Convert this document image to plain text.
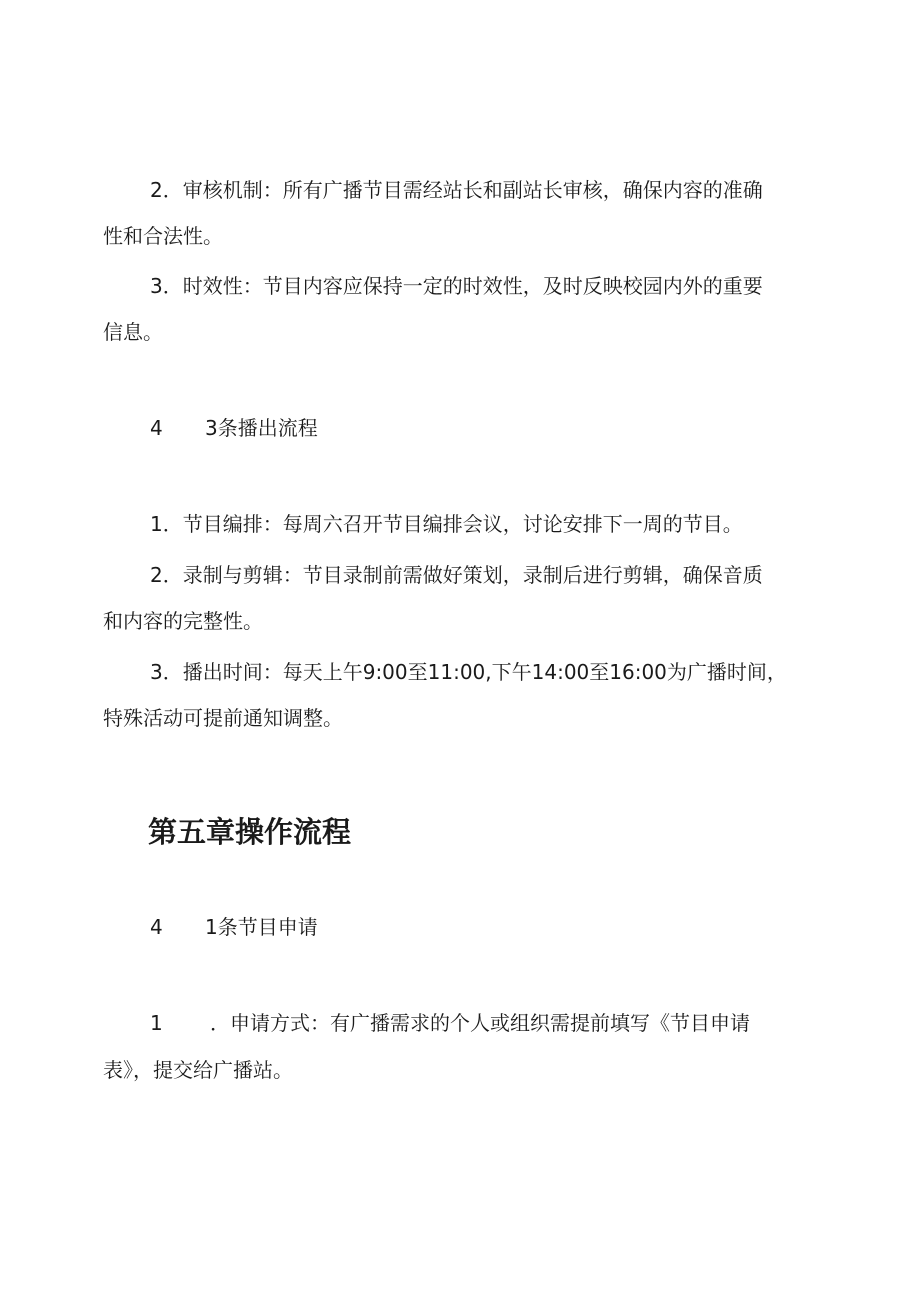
2．审核机制：所有广播节目需经站长和副站长审核，确保内容的准确
性和合法性。
3．时效性：节目内容应保持一定的时效性，及时反映校园内外的重要
信息。
4 3条播出流程
1．节目编排：每周六召开节目编排会议，讨论安排下一周的节目。
2．录制与剪辑：节目录制前需做好策划，录制后进行剪辑，确保音质
和内容的完整性。
3．播出时间：每天上午9:00至11:00,下午14:00至16:00为广播时间，
特殊活动可提前通知调整。
第五章操作流程
4 1条节目申请
1 ．申请方式：有广播需求的个人或组织需提前填写《节目申请
表》，提交给广播站。
